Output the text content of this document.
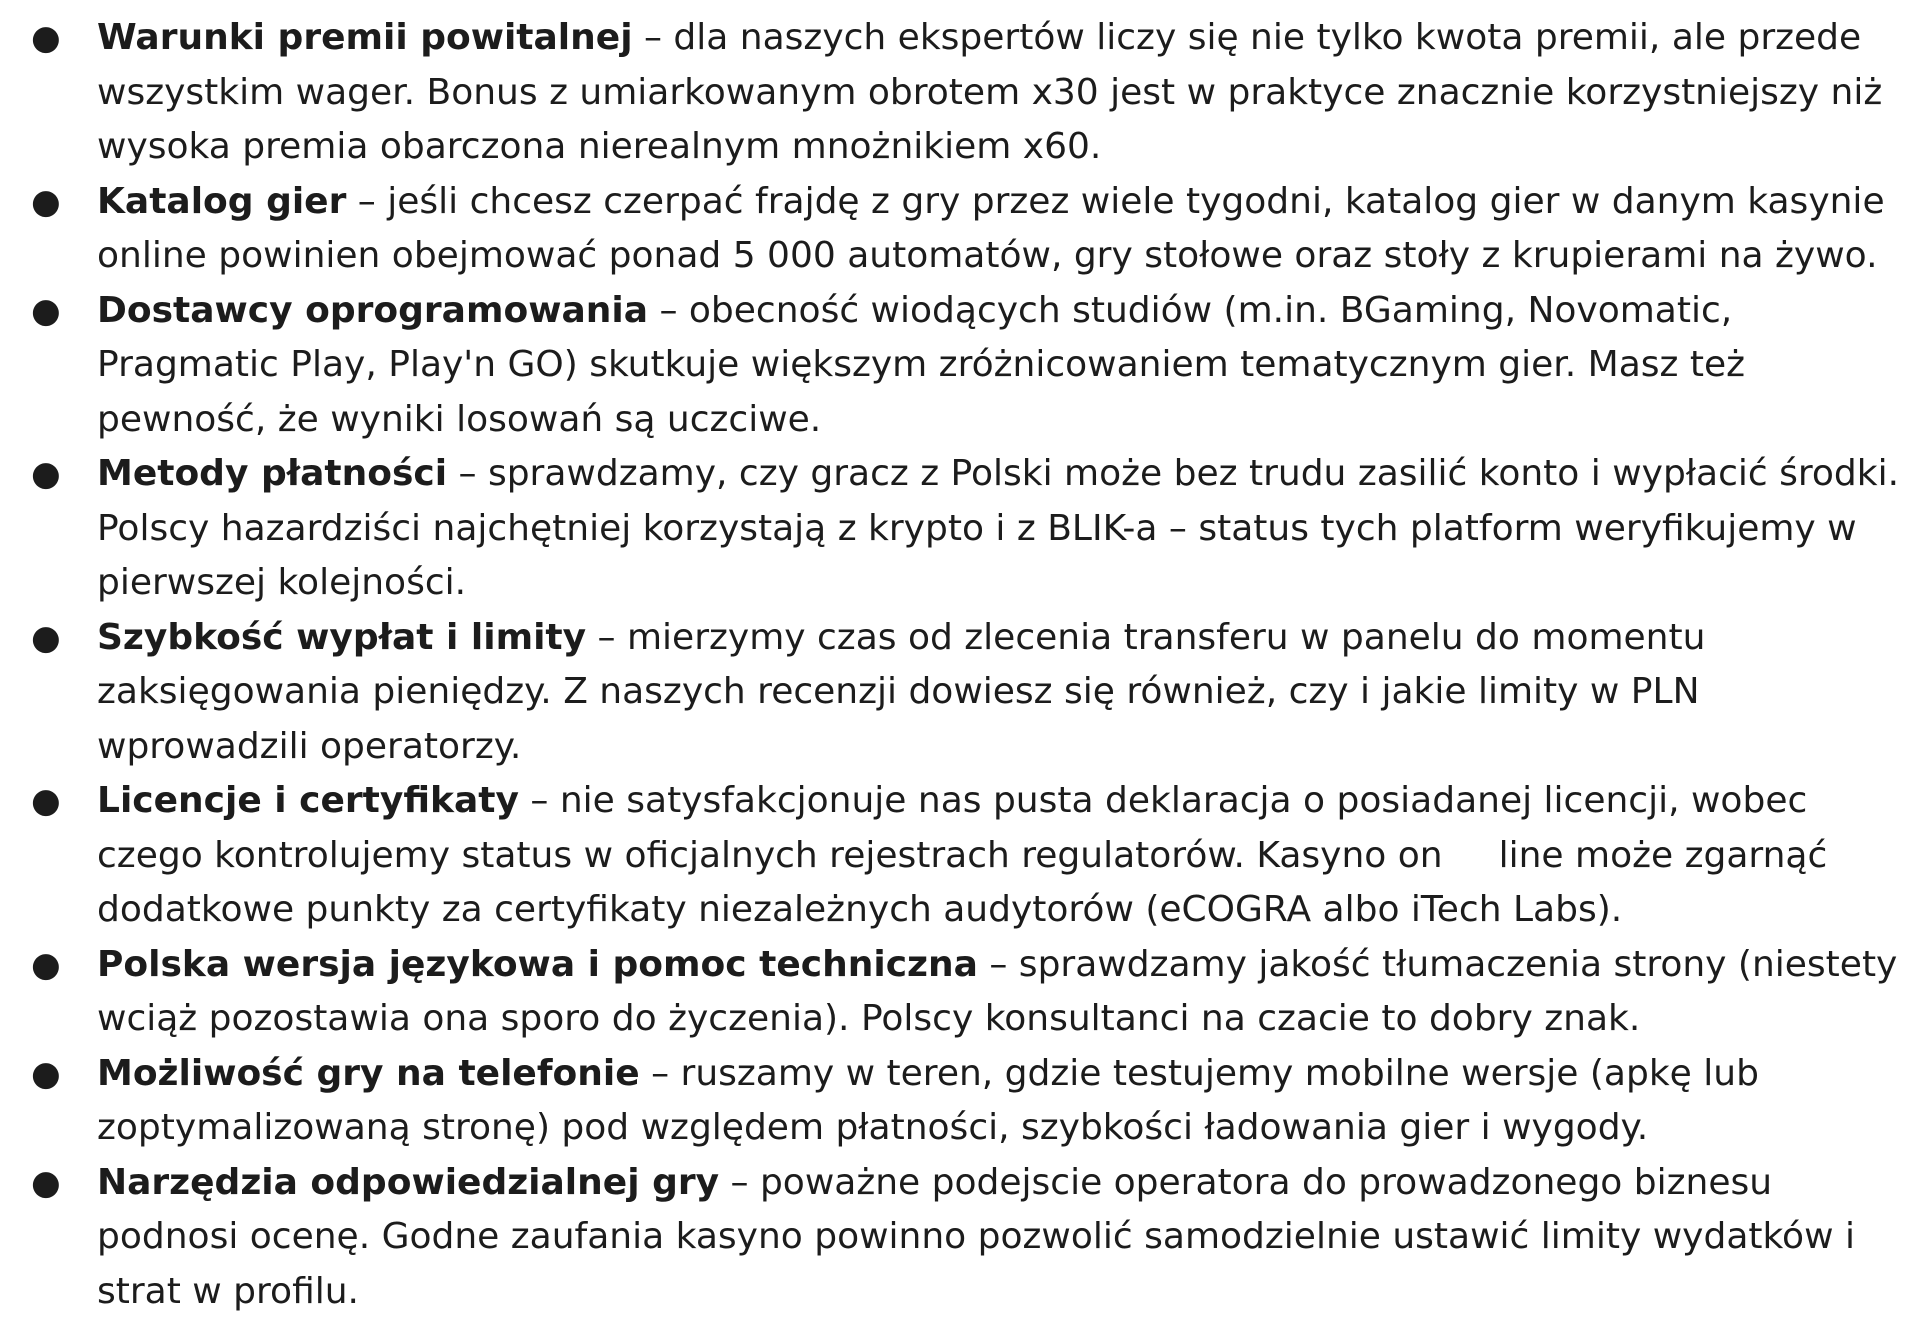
● Warunki premii powitalnej – dla naszych ekspertów liczy się nie tylko kwota premii, ale przede wszystkim wager. Bonus z umiarkowanym obrotem x30 jest w praktyce znacznie korzystniejszy niż wysoka premia obarczona nierealnym mnożnikiem x60.
● Katalog gier – jeśli chcesz czerpać frajdę z gry przez wiele tygodni, katalog gier w danym kasynie online powinien obejmować ponad 5 000 automatów, gry stołowe oraz stoły z krupierami na żywo.
● Dostawcy oprogramowania – obecność wiodących studiów (m.in. BGaming, Novomatic, Pragmatic Play, Play'n GO) skutkuje większym zróżnicowaniem tematycznym gier. Masz też pewność, że wyniki losowań są uczciwe.
● Metody płatności – sprawdzamy, czy gracz z Polski może bez trudu zasilić konto i wypłacić środki. Polscy hazardziści najchętniej korzystają z krypto i z BLIK-a – status tych platform weryfikujemy w pierwszej kolejności.
● Szybkość wypłat i limity – mierzymy czas od zlecenia transferu w panelu do momentu zaksięgowania pieniędzy. Z naszych recenzji dowiesz się również, czy i jakie limity w PLN wprowadzili operatorzy.
● Licencje i certyfikaty – nie satysfakcjonuje nas pusta deklaracja o posiadanej licencji, wobec czego kontrolujemy status w oficjalnych rejestrach regulatorów. Kasyno on line może zgarnąć dodatkowe punkty za certyfikaty niezależnych audytorów (eCOGRA albo iTech Labs).
● Polska wersja językowa i pomoc techniczna – sprawdzamy jakość tłumaczenia strony (niestety wciąż pozostawia ona sporo do życzenia). Polscy konsultanci na czacie to dobry znak.
● Możliwość gry na telefonie – ruszamy w teren, gdzie testujemy mobilne wersje (apkę lub zoptymalizowaną stronę) pod względem płatności, szybkości ładowania gier i wygody.
● Narzędzia odpowiedzialnej gry – poważne podejscie operatora do prowadzonego biznesu podnosi ocenę. Godne zaufania kasyno powinno pozwolić samodzielnie ustawić limity wydatków i strat w profilu.
